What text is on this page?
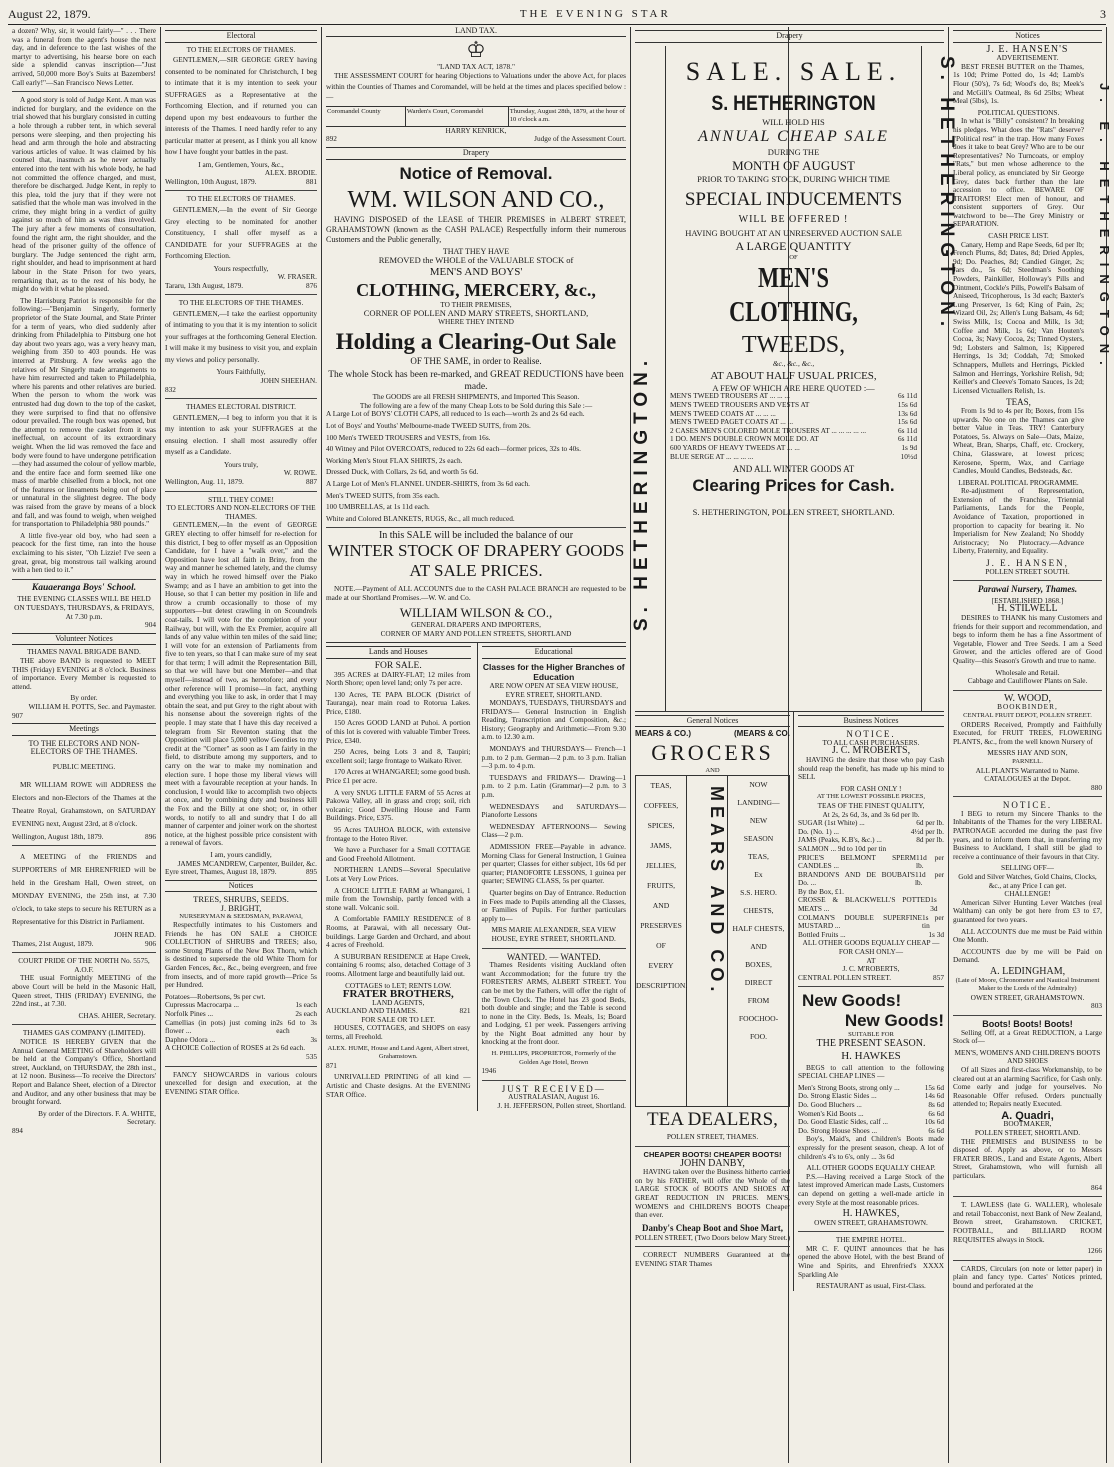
August 22, 1879.	THE EVENING STAR	3

a dozen? Why, sir, it would fairly—" . . . There was a funeral from the agent's house the next day, and in deference to the last wishes of the martyr to advertising, his hearse bore on each side a splendid canvas inscription—"Just arrived, 50,000 more Boy's Suits at Bazembers! Call early!"—San Francisco News Letter.

A good story is told of Judge Kent. A man was indicted for burglary, and the evidence on the trial showed that his burglary consisted in cutting a hole through a rubber tent, in which several persons were sleeping, and then projecting his head and arm through the hole and abstracting various articles of value. It was claimed by his counsel that, inasmuch as he never actually entered into the tent with his whole body, he had not committed the offence charged, and must, therefore be discharged. Judge Kent, in reply to this plea, told the jury that if they were not satisfied that the whole man was involved in the crime, they might bring in a verdict of guilty against so much of him as was thus involved. The jury after a few moments of consultation, found the right arm, the right shoulder, and the head of the prisoner guilty of the offence of burglary. The Judge sentenced the right arm, right shoulder, and head to imprisonment at hard labour in the State Prison for two years, remarking that, as to the rest of his body, he might do with it what he pleased.

The Harrisburg Patriot is responsible for the following:—"Benjamin Singerly, formerly proprietor of the State Journal, and State Printer for a term of years, who died suddenly after drinking from Philadelphia to Pittsburg one hot day about two years ago, was a very heavy man, weighing from 350 to 403 pounds. He was interred at Pittsburg. A few weeks ago the relatives of Mr Singerly made arrangements to have him resurrected and taken to Philadelphia, where his parents and other relatives are buried. When the person to whom the work was entrusted had dug down to the top of the casket, they were surprised to find that no offensive odour prevailed. The rough box was opened, but the attempt to remove the casket from it was ineffectual, on account of its extraordinary weight. When the lid was removed the face and body were found to have undergone petrification—they had assumed the colour of yellow marble, and the entire face and form seemed like one mass of marble chiselled from a block, not one of the features or lineaments being out of place or unnatural in the slightest degree. The body was raised from the grave by means of a block and fall, and was found to weigh, when weighed for transportation to Philadelphia 980 pounds."

A little five-year old boy, who had seen a peacock for the first time, ran into the house exclaiming to his sister, "Oh Lizzie! I've seen a great, great, big monstrous tail walking around with a hen tied to it."

Kauaeranga Boys' School.
THE EVENING CLASSES WILL BE HELD ON TUESDAYS, THURSDAYS, & FRIDAYS, At 7.30 p.m.
904
Volunteer Notices
THAMES NAVAL BRIGADE BAND.

THE above BAND is requested to MEET THIS (Friday) EVENING at 8 o'clock. Business of importance. Every Member is requested to attend.

By order.
WILLIAM H. POTTS, Sec. and Paymaster.
907
Meetings
TO THE ELECTORS AND NON-ELECTORS OF THE THAMES.
PUBLIC MEETING.

MR WILLIAM ROWE will ADDRESS the Electors and non-Electors of the Thames at the Theatre Royal, Grahamstown, on SATURDAY EVENING next, August 23rd, at 8 o'clock.

Wellington, August 18th, 1879.	896

A MEETING of the FRIENDS and SUPPORTERS of MR EHRENFRIED will be held in the Gresham Hall, Owen street, on MONDAY EVENING, the 25th inst, at 7.30 o'clock, to take steps to secure his RETURN as a Representative for this District in Parliament.

JOHN READ.
Thames, 21st August, 1879.	906
COURT PRIDE OF THE NORTH No. 5575, A.O.F.

THE usual Fortnightly MEETING of the above Court will be held in the Masonic Hall, Queen street, THIS (FRIDAY) EVENING, the 22nd inst., at 7.30.

CHAS. AHIER, Secretary.
THAMES GAS COMPANY (LIMITED).

NOTICE IS HEREBY GIVEN that the Annual General MEETING of Shareholders will be held at the Company's Office, Shortland street, Auckland, on THURSDAY, the 28th inst., at 12 noon. Business—To receive the Directors' Report and Balance Sheet, election of a Director and Auditor, and any other business that may be brought forward.

By order of the Directors. F. A. WHITE, Secretary.
894
Electoral
TO THE ELECTORS OF THAMES.

GENTLEMEN,—SIR GEORGE GREY having consented to be nominated for Christchurch, I beg to intimate that it is my intention to seek your SUFFRAGES as a Representative at the Forthcoming Election, and if returned you can depend upon my best endeavours to further the interests of the Thames. I need hardly refer to any particular matter at present, as I think you all know how I have fought your battles in the past.

I am, Gentlemen, Yours, &c.,
ALEX. BRODIE.
Wellington, 10th August, 1879.	881
TO THE ELECTORS OF THAMES.

GENTLEMEN,—In the event of Sir George Grey electing to be nominated for another Constituency, I shall offer myself as a CANDIDATE for your SUFFRAGES at the Forthcoming Election.

Yours respectfully,
W. FRASER.
Tararu, 13th August, 1879.	876
TO THE ELECTORS OF THE THAMES.

GENTLEMEN,—I take the earliest opportunity of intimating to you that it is my intention to solicit your suffrages at the forthcoming General Election. I will make it my business to visit you, and explain my views and policy personally.

Yours Faithfully,
JOHN SHEEHAN.
832
THAMES ELECTORAL DISTRICT.

GENTLEMEN,—I beg to inform you that it is my intention to ask your SUFFRAGES at the ensuing election. I shall most assuredly offer myself as a Candidate.

Yours truly,
W. ROWE.
Wellington, Aug. 11, 1879.	887
STILL THEY COME!
TO ELECTORS AND NON-ELECTORS OF THE THAMES.

GENTLEMEN,—In the event of GEORGE GREY electing to offer himself for re-election for this district, I beg to offer myself as an Opposition Candidate, for I have a "walk over," and the Opposition have lost all faith in Briny, from the way and manner he schemed lately, and the clumsy way in which he rowed himself over the Piako Swamp; and as I have an ambition to get into the House, so that I can better my position in life and throw a crumb occasionally to those of my supporters—but detest crawling in on Scoundrels coat-tails. I will vote for the completion of your Railway, but will, with the Ex Premier, acquire all lands of any value within ten miles of the said line; I will vote for an extension of Parliaments from five to ten years, so that I can make sure of my seat for that term; I will admit the Representation Bill, so that we will have but one Member—and that myself—instead of two, as heretofore; and every other reference will I promise—in fact, anything and everything you like to ask, in order that I may obtain the seat, and put Grey to the right about with his nonsense about the sovereign rights of the people. I may state that I have this day received a telegram from Sir Reventon stating that the Opposition will place 5,000 yellow Geordies to my credit at the "Corner" as soon as I am fairly in the field, to distribute among my supporters, and to carry on the war to make my nomination and election sure. I hope those my liberal views will meet with a favourable reception at your hands. In conclusion, I would like to accomplish two objects at once, and by combining duty and business kill the Fox and the Billy at one shot; or, in other words, to notify to all and sundry that I do all manner of carpenter and joiner work on the shortest notice, at the highest possible price consistent with a renewal of favors.

I am, yours candidly,
JAMES MCANDREW, Carpenter, Builder, &c.
Eyre street, Thames, August 18, 1879.	895
Notices
TREES, SHRUBS, SEEDS.
J. BRIGHT,
NURSERYMAN & SEEDSMAN, PARAWAI,

Respectfully intimates to his Customers and Friends he has ON SALE a CHOICE COLLECTION of SHRUBS and TREES; also, some Strong Plants of the New Box Thorn, which is destined to supersede the old White Thorn for Garden Fences, &c., &c., being evergreen, and free from insects, and of more rapid growth—Price 5s per Hundred.

Potatoes—Robertsons, 9s per cwt.
Cupressus Macrocarpa ...	1s each
Norfolk Pines ...	2s each
Camellias (in pots) just coming in flower ...
2s 6d to 3s each
Daphne Odora ...	3s
A CHOICE Collection of ROSES at 2s 6d each.
535

FANCY SHOWCARDS in various colours unexcelled for design and execution, at the EVENING STAR Office.

LAND TAX.
♔
"LAND TAX ACT, 1878."

THE ASSESSMENT COURT for hearing Objections to Valuations under the above Act, for places within the Counties of Thames and Coromandel, will be held at the times and places specified below :—

Coromandel County	Warden's Court, Coromandel	Thursday, August 28th, 1879, at the hour of 10 o'clock a.m.
HARRY KENRICK,
892	Judge of the Assessment Court.
Drapery
Notice of Removal.
WM. WILSON AND CO.,

HAVING DISPOSED of the LEASE of THEIR PREMISES in ALBERT STREET, GRAHAMSTOWN (known as the CASH PALACE) Respectfully inform their numerous Customers and the Public generally,

THAT THEY HAVE
REMOVED the WHOLE of the VALUABLE STOCK of
MEN'S AND BOYS'
CLOTHING, MERCERY, &c.,
TO THEIR PREMISES,
CORNER OF POLLEN AND MARY STREETS, SHORTLAND,
WHERE THEY INTEND
Holding a Clearing-Out Sale
OF THE SAME, in order to Realise.
The whole Stock has been re-marked, and GREAT REDUCTIONS have been made.
The GOODS are all FRESH SHIPMENTS, and Imported This Season.
The following are a few of the many Cheap Lots to be Sold during this Sale :—

A Large Lot of BOYS' CLOTH CAPS, all reduced to 1s each—worth 2s and 2s 6d each.

Lot of Boys' and Youths' Melbourne-made TWEED SUITS, from 20s.

100 Men's TWEED TROUSERS and VESTS, from 16s.

40 Witney and Pilot OVERCOATS, reduced to 22s 6d each—former prices, 32s to 40s.

Working Men's Stout FLAX SHIRTS, 2s each.

Dressed Duck, with Collars, 2s 6d, and worth 5s 6d.

A Large Lot of Men's FLANNEL UNDER-SHIRTS, from 3s 6d each.

Men's TWEED SUITS, from 35s each.

100 UMBRELLAS, at 1s 11d each.

White and Colored BLANKETS, RUGS, &c., all much reduced.

In this SALE will be included the balance of our
WINTER STOCK OF DRAPERY GOODS AT SALE PRICES.

NOTE.—Payment of ALL ACCOUNTS due to the CASH PALACE BRANCH are requested to be made at our Shortland Promises.—W. W. and Co.

WILLIAM WILSON & CO.,
GENERAL DRAPERS AND IMPORTERS,
CORNER OF MARY AND POLLEN STREETS, SHORTLAND
Lands and Houses
FOR SALE.

395 ACRES at DAIRY-FLAT; 12 miles from North Shore; open level land; only 7s per acre.

130 Acres, TE PAPA BLOCK (District of Tauranga), near main road to Rotorua Lakes. Price, £180.

150 Acres GOOD LAND at Puhoi. A portion of this lot is covered with valuable Timber Trees. Price, £340.

250 Acres, being Lots 3 and 8, Taupiri; excellent soil; large frontage to Waikato River.

170 Acres at WHANGAREI; some good bush. Price £1 per acre.

A very SNUG LITTLE FARM of 55 Acres at Pakowa Valley, all in grass and crop; soil, rich volcanic; Good Dwelling House and Farm Buildings. Price, £375.

95 Acres TAUHOA BLOCK, with extensive frontage to the Hoteo River.

We have a Purchaser for a Small COTTAGE and Good Freehold Allotment.

NORTHERN LANDS—Several Speculative Lots at Very Low Prices.

A CHOICE LITTLE FARM at Whangarei, 1 mile from the Township, partly fenced with a stone wall. Volcanic soil.

A Comfortable FAMILY RESIDENCE of 8 Rooms, at Parawai, with all necessary Out-buildings. Large Garden and Orchard, and about 4 acres of Freehold.

A SUBURBAN RESIDENCE at Hape Creek, containing 6 rooms; also, detached Cottage of 3 rooms. Allotment large and beautifully laid out.

COTTAGES to LET; RENTS LOW.
FRATER BROTHERS,
LAND AGENTS,
AUCKLAND AND THAMES.	821
FOR SALE OR TO LET.

HOUSES, COTTAGES, and SHOPS on easy terms, all Freehold.

ALEX. HUME, House and Land Agent, Albert street, Grahamstown.
871

UNRIVALLED PRINTING of all kind —Artistic and Chaste designs. At the EVENING STAR Office.

Educational
Classes for the Higher Branches of Education
ARE NOW OPEN AT SEA VIEW HOUSE, EYRE STREET, SHORTLAND.

MONDAYS, TUESDAYS, THURSDAYS and FRIDAYS— General Instruction in English Reading, Transcription and Composition, &c.; History; Geography and Arithmetic—From 9.30 a.m. to 12.30 a.m.

MONDAYS and THURSDAYS— French—1 p.m. to 2 p.m. German—2 p.m. to 3 p.m. Italian—3 p.m. to 4 p.m.

TUESDAYS and FRIDAYS— Drawing—1 p.m. to 2 p.m. Latin (Grammar)—2 p.m. to 3 p.m.

WEDNESDAYS and SATURDAYS— Pianoforte Lessons

WEDNESDAY AFTERNOONS— Sewing Class—2 p.m.

ADMISSION FREE—Payable in advance. Morning Class for General Instruction, 1 Guinea per quarter; Classes for either subject, 10s 6d per quarter; PIANOFORTE LESSONS, 1 guinea per quarter; SEWING CLASS, 5s per quarter.

Quarter begins on Day of Entrance. Reduction in Fees made to Pupils attending all the Classes, or Families of Pupils. For further particulars apply to—

MRS MARIE ALEXANDER, SEA VIEW HOUSE, EYRE STREET, SHORTLAND.
WANTED. — WANTED.

Thames Residents visiting Auckland often want Accommodation; for the future try the FORESTERS' ARMS, ALBERT STREET. You can be met by the Fathers, will offer the right of the Town Clock. The Hotel has 23 good Beds, both double and single; and the Table is second to none in the City. Beds, 1s. Meals, 1s; Board and Lodging, £1 per week. Passengers arriving by the Night Boat admitted any hour by knocking at the front door.

H. PHILLIPS, PROPRIETOR, Formerly of the Golden Age Hotel, Brown
1946
JUST RECEIVED—
AUSTRALASIAN, August 16.
J. H. JEFFERSON, Pollen street, Shortland.
Drapery
S. HETHERINGTON.
S. HETHERINGTON.
SALE. SALE.
S. HETHERINGTON
WILL HOLD HIS
ANNUAL CHEAP SALE
DURING THE
MONTH OF AUGUST
PRIOR TO TAKING STOCK, DURING WHICH TIME
SPECIAL INDUCEMENTS
WILL BE OFFERED !
HAVING BOUGHT AT AN UNRESERVED AUCTION SALE
A LARGE QUANTITY
OF
MEN'S CLOTHING,
TWEEDS,
&c., &c., &c.,
AT ABOUT HALF USUAL PRICES,
A FEW OF WHICH ARE HERE QUOTED :—
MEN'S TWEED TROUSERS AT ... ... ...	6s 11d
MEN'S TWEED TROUSERS AND VESTS AT	15s 6d
MEN'S TWEED COATS AT ... ... ...	13s 6d
MEN'S TWEED PAGET COATS AT ... ...	15s 6d
2 CASES MEN'S COLORED MOLE TROUSERS AT ... ... ... ... ...	6s 11d
1 DO. MEN'S DOUBLE CROWN MOLE DO. AT	6s 11d
600 YARDS OF HEAVY TWEEDS AT ... ...	1s 9d
BLUE SERGE AT ... ... ... ...	10½d
AND ALL WINTER GOODS AT
Clearing Prices for Cash.
S. HETHERINGTON, POLLEN STREET, SHORTLAND.
General Notices
MEARS & CO.)	(MEARS & CO.
GROCERS
AND
TEAS,
COFFEES,
SPICES,
JAMS,
JELLIES,
FRUITS,
AND
PRESERVES
OF
EVERY
DESCRIPTION. MEARS AND CO.
NOW
LANDING—
NEW
SEASON
TEAS,
Ex
S.S. HERO.
CHESTS,
HALF CHESTS,
AND
BOXES,
DIRECT
FROM
FOOCHOO-
FOO.
TEA DEALERS,
POLLEN STREET, THAMES.
CHEAPER BOOTS! CHEAPER BOOTS!
JOHN DANBY,

HAVING taken over the Business hitherto carried on by his FATHER, will offer the Whole of the LARGE STOCK of BOOTS AND SHOES AT GREAT REDUCTION IN PRICES. MEN'S, WOMEN'S and CHILDREN'S BOOTS Cheaper than ever.

Danby's Cheap Boot and Shoe Mart,
POLLEN STREET, (Two Doors below Mary Street.)

CORRECT NUMBERS Guaranteed at the EVENING STAR Thames

Business Notices
NOTICE.
TO ALL CASH PURCHASERS.
J. C. M'ROBERTS,

HAVING the desire that those who pay Cash should reap the benefit, has made up his mind to SELL

FOR CASH ONLY !
AT THE LOWEST POSSIBLE PRICES,
TEAS OF THE FINEST QUALITY,
At 2s, 2s 6d, 3s, and 3s 6d per lb.
SUGAR (1st White) ...	6d per lb.
Do. (No. 1) ...	4½d per lb.
JAMS (Peaks, K.B's, &c.) ...	8d per lb.
SALMON ... 9d to 10d per tin
PRICE'S BELMONT SPERM CANDLES ...
11d per lb.
BRANDON'S AND DE BOUBAI'S Do. ...
11d per lb.
By the Box, £1.
CROSSE & BLACKWELL'S POTTED MEATS ...
1s 3d
COLMAN'S DOUBLE SUPERFINE MUSTARD ...
1s per tin
Bottled Fruits ...	1s 3d
ALL OTHER GOODS EQUALLY CHEAP —FOR CASH ONLY—
AT
J. C. M'ROBERTS,
CENTRAL POLLEN STREET.	857
New Goods!
New Goods!
SUITABLE FOR
THE PRESENT SEASON.
H. HAWKES

BEGS to call attention to the following SPECIAL CHEAP LINES —

Men's Strong Boots, strong only ...	15s 6d
Do. Strong Elastic Sides ...	14s 6d
Do. Good Bluchers ...	8s 6d
Women's Kid Boots ...	6s 6d
Do. Good Elastic Sides, calf ...	10s 6d
Do. Strong House Shoes ...	6s 6d

Boy's, Maid's, and Children's Boots made expressly for the present season, cheap. A lot of children's 4's to 6's, only ... 3s 6d

ALL OTHER GOODS EQUALLY CHEAP.

P.S.—Having received a Large Stock of the latest improved American made Lasts, Customers can depend on getting a well-made article in every Style at the most reasonable prices.

H. HAWKES,
OWEN STREET, GRAHAMSTOWN.
THE EMPIRE HOTEL.

MR C. F. QUINT announces that he has opened the above Hotel, with the best Brand of Wine and Spirits, and Ehrenfried's XXXX Sparkling Ale

RESTAURANT as usual, First-Class.
Notices
J. E. HANSEN'S
ADVERTISEMENT.

BEST FRESH BUTTER on the Thames, 1s 10d; Prime Potted do, 1s 4d; Lamb's Flour (50's), 7s 6d; Wood's do, 8s; Meek's and McGill's Oatmeal, 8s 6d 25lbs; Wheat Meal (5lbs), 1s.

POLITICAL QUESTIONS.

In what is "Billy" consistent? In breaking his pledges. What does the "Rats" deserve? "Political rest" in the trap. How many Foxes does it take to beat Grey? Who are to be our Representatives? No Turncoats, or employ "Rats," but men whose adherence to the Liberal policy, as enunciated by Sir George Grey, dates back further than the late accession to office. BEWARE OF TRAITORS! Elect men of honour, and consistent supporters of Grey. Our watchword to be—The Grey Ministry or SEPARATION.

CASH PRICE LIST.

Canary, Hemp and Rape Seeds, 6d per lb; French Plums, 8d; Dates, 8d; Dried Apples, 9d; Do. Peaches, 8d; Candied Ginger, 2s; Jars do., 5s 6d; Steedman's Soothing Powders, Painkiller, Holloway's Pills and Ointment, Cockle's Pills, Powell's Balsam of Aniseed, Tricopherous, 1s 3d each; Baxter's Lung Preserver, 1s 6d; King of Pain, 2s; Wizard Oil, 2s; Allen's Lung Balsam, 4s 6d; Swiss Milk, 1s; Cocoa and Milk, 1s 3d; Coffee and Milk, 1s 6d; Van Houten's Cocoa, 3s; Navy Cocoa, 2s; Tinned Oysters, 9d; Lobsters and Salmon, 1s; Kippered Herrings, 1s 3d; Coddah, 7d; Smoked Schnappers, Mullets and Herrings, Pickled Salmon and Herrings, Yorkshire Relish, 9d; Keiller's and Cleeve's Tomato Sauces, 1s 2d; Licensed Victuallers Relish, 1s.

TEAS,

From 1s 9d to 4s per lb; Boxes, from 15s upwards. No one on the Thames can give better Value in Teas. TRY! Canterbury Potatoes, 5s. Always on Sale—Oats, Maize, Wheat, Bran, Sharps, Chaff, etc. Crockery, China, Glassware, at lowest prices; Kerosene, Sperm, Wax, and Carriage Candles, Mould Candles, Bedsteads, &c.

LIBERAL POLITICAL PROGRAMME.

Re-adjustment of Representation, Extension of the Franchise, Triennial Parliaments, Lands for the People, Avoidance of Taxation, proportioned in proportion to capacity for bearing it. No Imperialism for New Zealand; No Shoddy Aristocracy; No Plutocracy.—Advance Liberty, Fraternity, and Equality.

J. E. HETHERINGTON.
J. E. HANSEN,
POLLEN STREET SOUTH.
Parawai Nursery, Thames.
[ESTABLISHED 1868.]
H. STILWELL

DESIRES to THANK his many Customers and friends for their support and recommendation, and begs to inform them he has a fine Assortment of Vegetable, Flower and Tree Seeds. I am a Seed Grower, and the articles offered are of Good Quality—this Season's Growth and true to name.

Wholesale and Retail.
Cabbage and Cauliflower Plants on Sale.
W. WOOD,
BOOKBINDER,
CENTRAL FRUIT DEPOT, POLLEN STREET.

ORDERS Received, Promptly and Faithfully Executed, for FRUIT TREES, FLOWERING PLANTS, &c., from the well known Nursery of

MESSRS HAY AND SON,
PARNELL.
ALL PLANTS Warranted to Name.
CATALOGUES at the Depot.
880
NOTICE.

I BEG to return my Sincere Thanks to the Inhabitants of the Thames for the very LIBERAL PATRONAGE accorded me during the past five years, and to inform them that, in transferring my Business to Auckland, I shall still be glad to receive a continuance of their favours in that City.

SELLING OFF—
Gold and Silver Watches, Gold Chains, Clocks, &c., at any Price I can get.
CHALLENGE!

American Silver Hunting Lever Watches (real Waltham) can only be got here from £3 to £7, guaranteed for two years.

ALL ACCOUNTS due me must be Paid within One Month.

ACCOUNTS due by me will be Paid on Demand.

A. LEDINGHAM,
(Late of Moore, Chronometer and Nautical Instrument Maker to the Lords of the Admiralty)
OWEN STREET, GRAHAMSTOWN.
803
Boots! Boots! Boots!

Selling Off, at a Great REDUCTION, a Large Stock of—

MEN'S, WOMEN'S AND CHILDREN'S BOOTS AND SHOES

Of all Sizes and first-class Workmanship, to be cleared out at an alarming Sacrifice, for Cash only. Come early and judge for yourselves. No Reasonable Offer refused. Orders punctually attended to; Repairs neatly Executed.

A. Quadri,
BOOTMAKER,
POLLEN STREET, SHORTLAND.

THE PREMISES and BUSINESS to be disposed of. Apply as above, or to Messrs FRATER BROS., Land and Estate Agents, Albert Street, Grahamstown, who will furnish all particulars.

864

T. LAWLESS (late G. WALLER), wholesale and retail Tobacconist, next Bank of New Zealand, Brown street, Grahamstown. CRICKET, FOOTBALL, and BILLIARD ROOM REQUISITES always in Stock.

1266

CARDS, Circulars (on note or letter paper) in plain and fancy type. Cartes' Notices printed, bound and perforated at the
